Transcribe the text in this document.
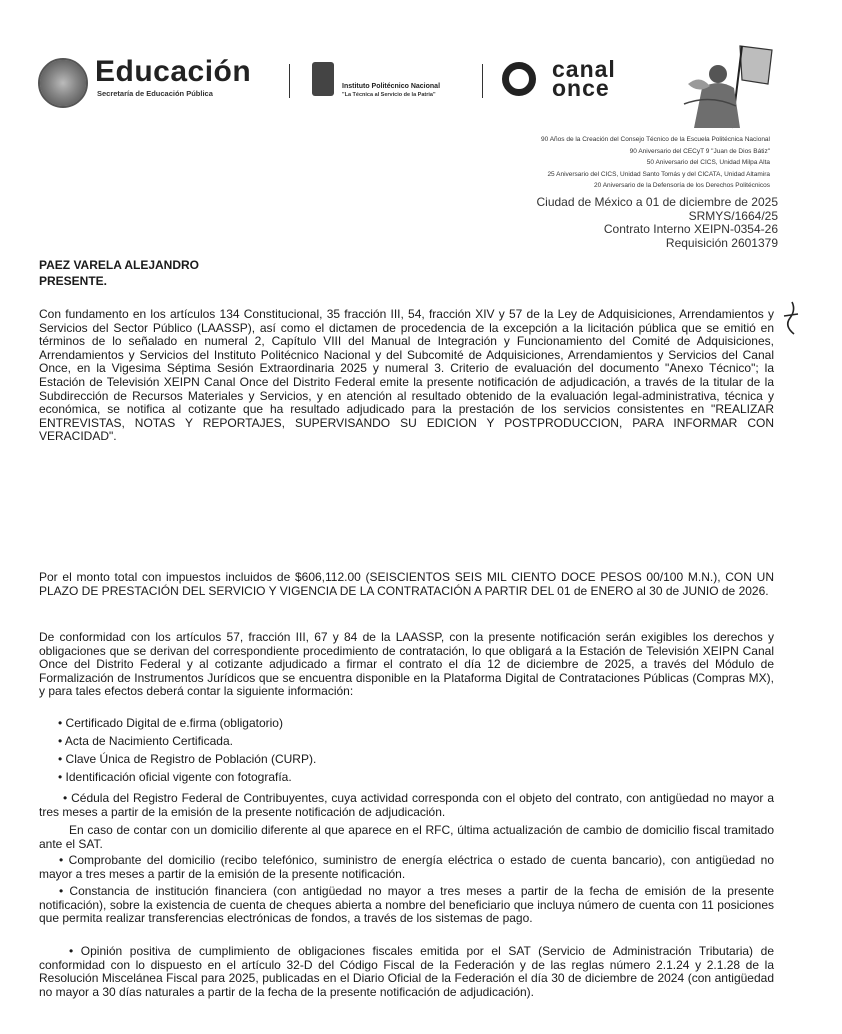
Educación
Secretaría de Educación Pública
Instituto Politécnico Nacional
"La Técnica al Servicio de la Patria"
canal
once
90 Años de la Creación del Consejo Técnico de la Escuela Politécnica Nacional
90 Aniversario del CECyT 9 "Juan de Dios Bátiz"
50 Aniversario del CICS, Unidad Milpa Alta
25 Aniversario del CICS, Unidad Santo Tomás y del CICATA, Unidad Altamira
20 Aniversario de la Defensoría de los Derechos Politécnicos
Ciudad de México a 01 de diciembre de 2025
SRMYS/1664/25
Contrato Interno XEIPN-0354-26
Requisición 2601379
PAEZ VARELA ALEJANDRO
PRESENTE.
Con fundamento en los artículos 134 Constitucional, 35 fracción III, 54, fracción XIV y 57 de la Ley de Adquisiciones, Arrendamientos y Servicios del Sector Público (LAASSP), así como el dictamen de procedencia de la excepción a la licitación pública que se emitió en términos de lo señalado en numeral 2, Capítulo VIII del Manual de Integración y Funcionamiento del Comité de Adquisiciones, Arrendamientos y Servicios del Instituto Politécnico Nacional y del Subcomité de Adquisiciones, Arrendamientos y Servicios del Canal Once, en la Vigesima Séptima Sesión Extraordinaria 2025 y numeral 3. Criterio de evaluación del documento "Anexo Técnico"; la Estación de Televisión XEIPN Canal Once del Distrito Federal emite la presente notificación de adjudicación, a través de la titular de la Subdirección de Recursos Materiales y Servicios, y en atención al resultado obtenido de la evaluación legal-administrativa, técnica y económica, se notifica al cotizante que ha resultado adjudicado para la prestación de los servicios consistentes en "REALIZAR ENTREVISTAS, NOTAS Y REPORTAJES, SUPERVISANDO SU EDICION Y POSTPRODUCCION, PARA INFORMAR CON VERACIDAD".
Por el monto total con impuestos incluidos de $606,112.00 (SEISCIENTOS SEIS MIL CIENTO DOCE PESOS 00/100 M.N.), CON UN PLAZO DE PRESTACIÓN DEL SERVICIO Y VIGENCIA DE LA CONTRATACIÓN A PARTIR DEL 01 de ENERO al 30 de JUNIO de 2026.
De conformidad con los artículos 57, fracción III, 67 y 84 de la LAASSP, con la presente notificación serán exigibles los derechos y obligaciones que se derivan del correspondiente procedimiento de contratación, lo que obligará a la Estación de Televisión XEIPN Canal Once del Distrito Federal y al cotizante adjudicado a firmar el contrato el día 12 de diciembre de 2025, a través del Módulo de Formalización de Instrumentos Jurídicos que se encuentra disponible en la Plataforma Digital de Contrataciones Públicas (Compras MX), y para tales efectos deberá contar la siguiente información:
• Certificado Digital de e.firma (obligatorio)
• Acta de Nacimiento Certificada.
• Clave Única de Registro de Población (CURP).
• Identificación oficial vigente con fotografía.
• Cédula del Registro Federal de Contribuyentes, cuya actividad corresponda con el objeto del contrato, con antigüedad no mayor a tres meses a partir de la emisión de la presente notificación de adjudicación.
En caso de contar con un domicilio diferente al que aparece en el RFC, última actualización de cambio de domicilio fiscal tramitado ante el SAT.
• Comprobante del domicilio (recibo telefónico, suministro de energía eléctrica o estado de cuenta bancario), con antigüedad no mayor a tres meses a partir de la emisión de la presente notificación.
• Constancia de institución financiera (con antigüedad no mayor a tres meses a partir de la fecha de emisión de la presente notificación), sobre la existencia de cuenta de cheques abierta a nombre del beneficiario que incluya número de cuenta con 11 posiciones que permita realizar transferencias electrónicas de fondos, a través de los sistemas de pago.
• Opinión positiva de cumplimiento de obligaciones fiscales emitida por el SAT (Servicio de Administración Tributaria) de conformidad con lo dispuesto en el artículo 32-D del Código Fiscal de la Federación y de las reglas número 2.1.24 y 2.1.28 de la Resolución Miscelánea Fiscal para 2025, publicadas en el Diario Oficial de la Federación el día 30 de diciembre de 2024 (con antigüedad no mayor a 30 días naturales a partir de la fecha de la presente notificación de adjudicación).
